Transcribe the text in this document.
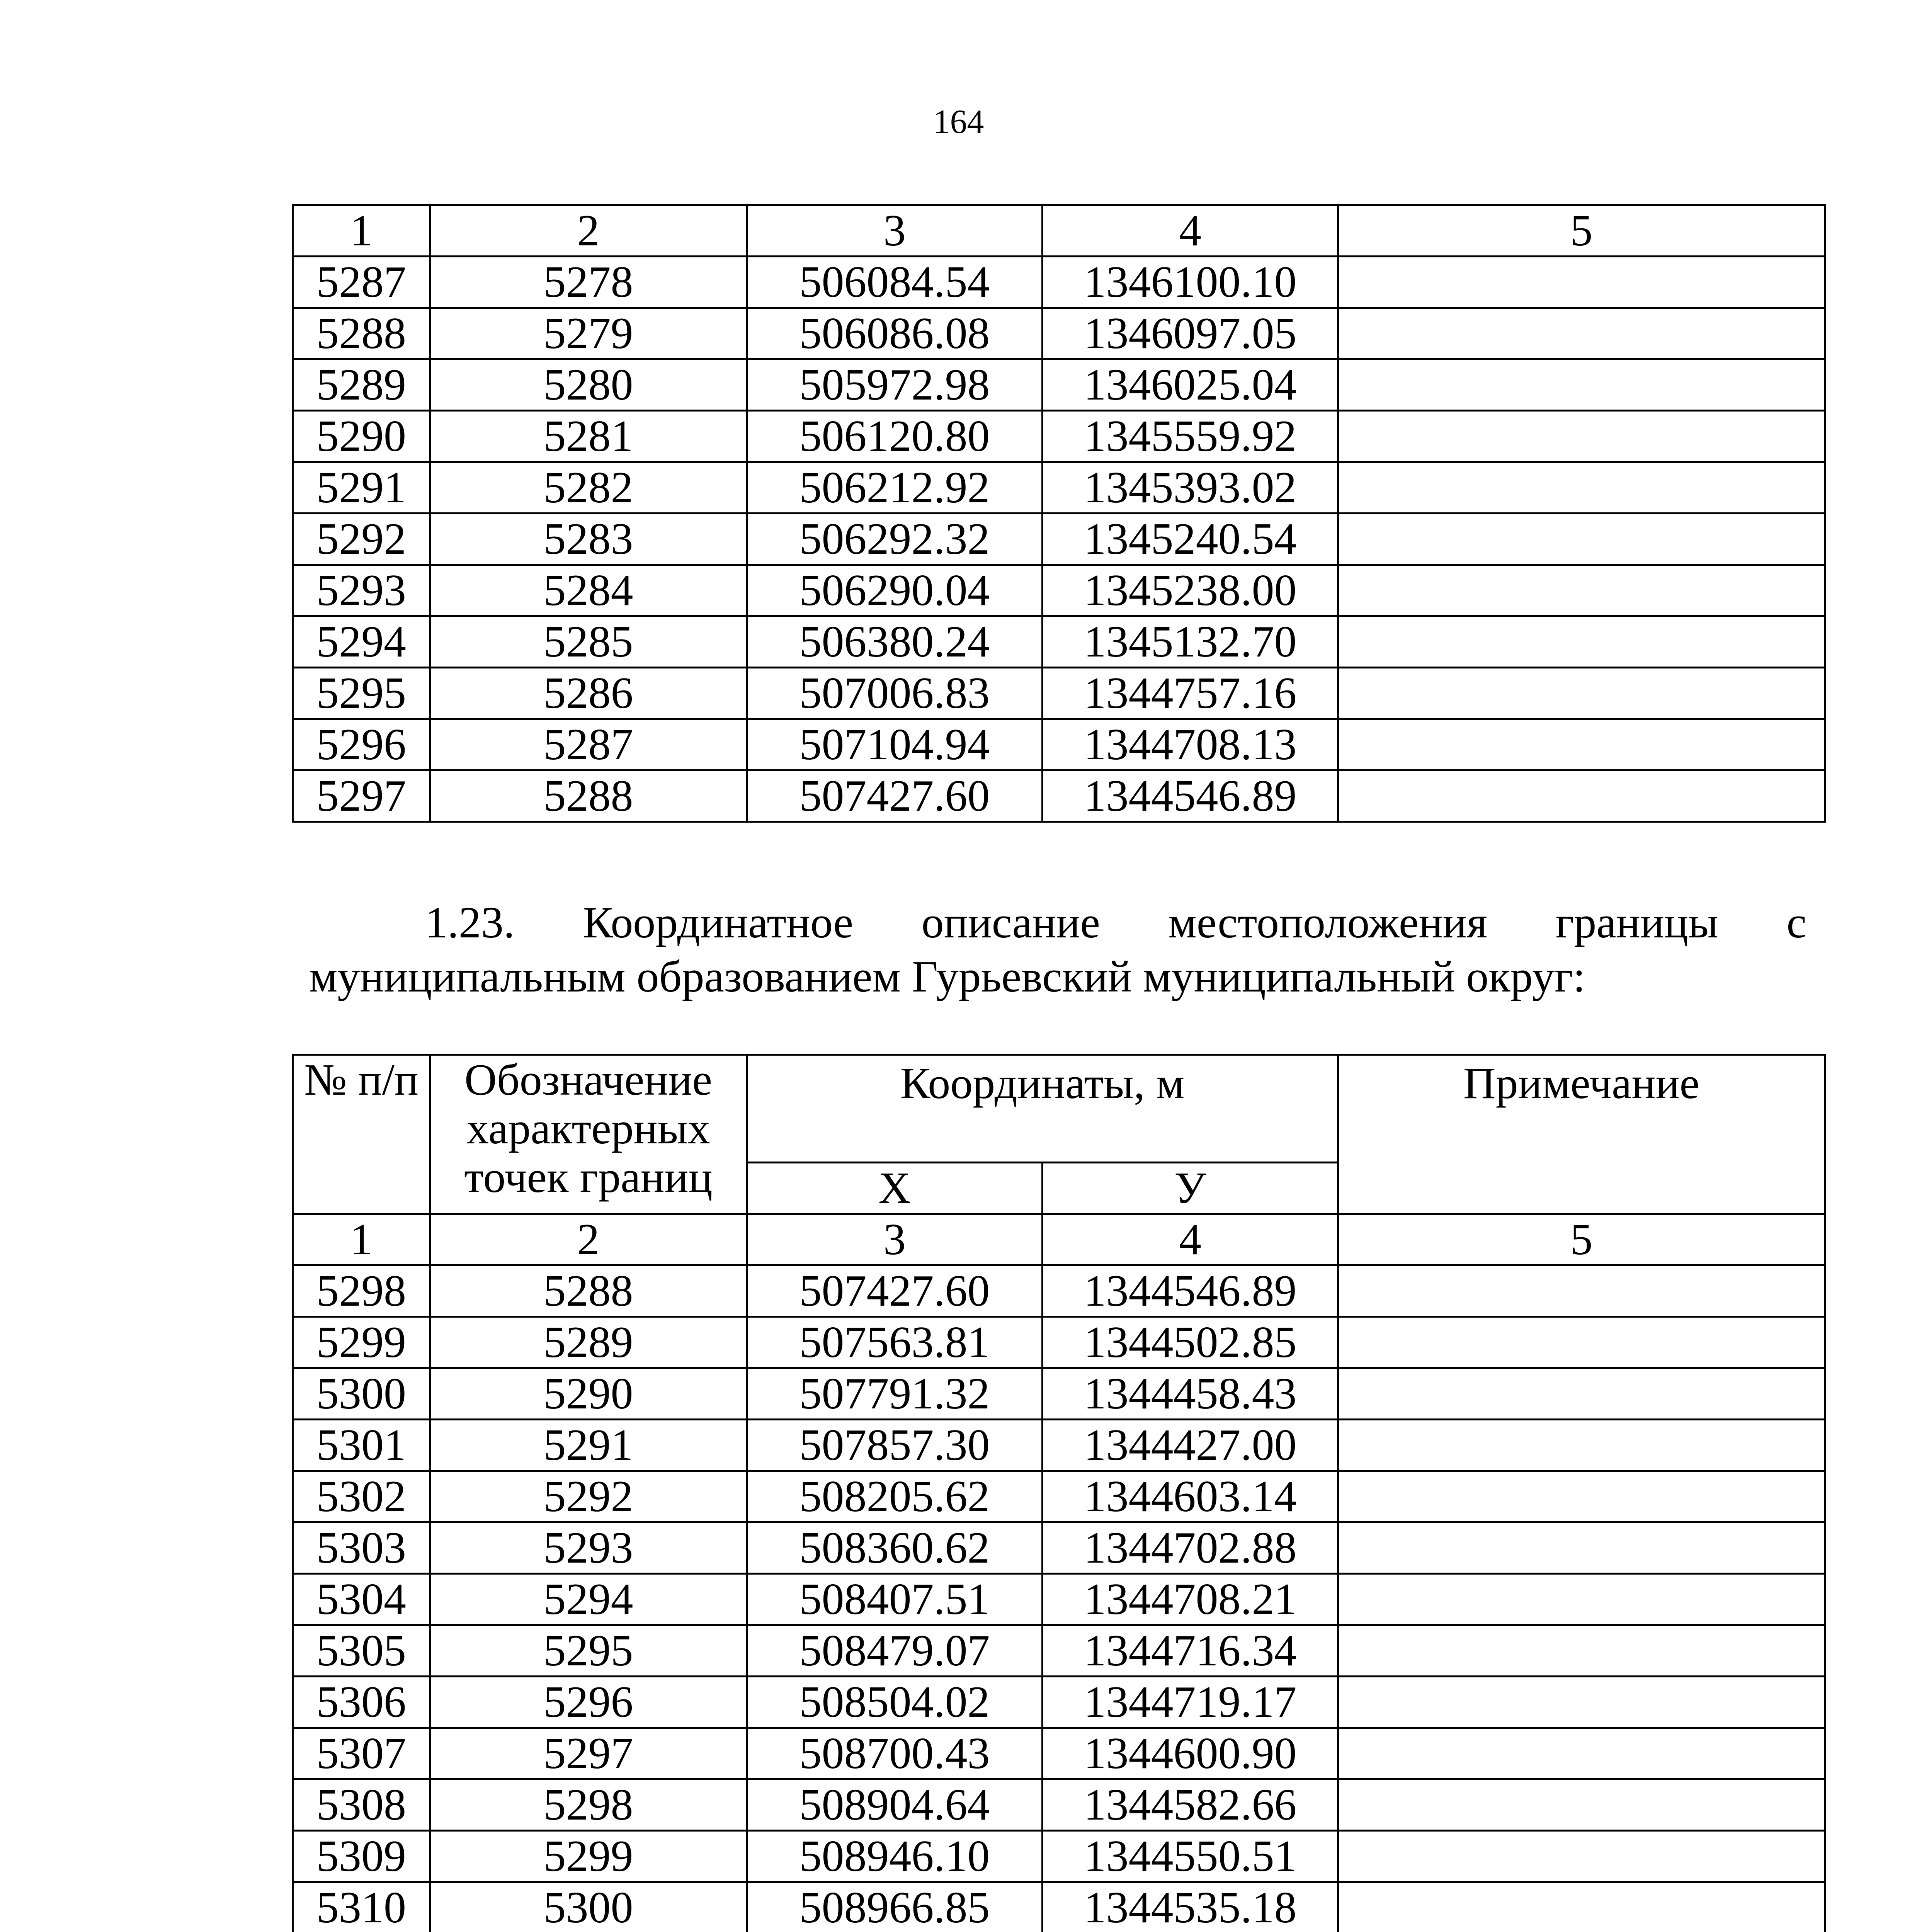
164
1	2	3	4	5
5287	5278	506084.54	1346100.10	
5288	5279	506086.08	1346097.05	
5289	5280	505972.98	1346025.04	
5290	5281	506120.80	1345559.92	
5291	5282	506212.92	1345393.02	
5292	5283	506292.32	1345240.54	
5293	5284	506290.04	1345238.00	
5294	5285	506380.24	1345132.70	
5295	5286	507006.83	1344757.16	
5296	5287	507104.94	1344708.13	
5297	5288	507427.60	1344546.89	
1.23. Координатное описание местоположения границы с
муниципальным образованием Гурьевский муниципальный округ:
№ п/п	Обозначение характерных точек границ	Координаты, м		Примечание
		Х	У	
1	2	3	4	5
5298	5288	507427.60	1344546.89	
5299	5289	507563.81	1344502.85	
5300	5290	507791.32	1344458.43	
5301	5291	507857.30	1344427.00	
5302	5292	508205.62	1344603.14	
5303	5293	508360.62	1344702.88	
5304	5294	508407.51	1344708.21	
5305	5295	508479.07	1344716.34	
5306	5296	508504.02	1344719.17	
5307	5297	508700.43	1344600.90	
5308	5298	508904.64	1344582.66	
5309	5299	508946.10	1344550.51	
5310	5300	508966.85	1344535.18	
